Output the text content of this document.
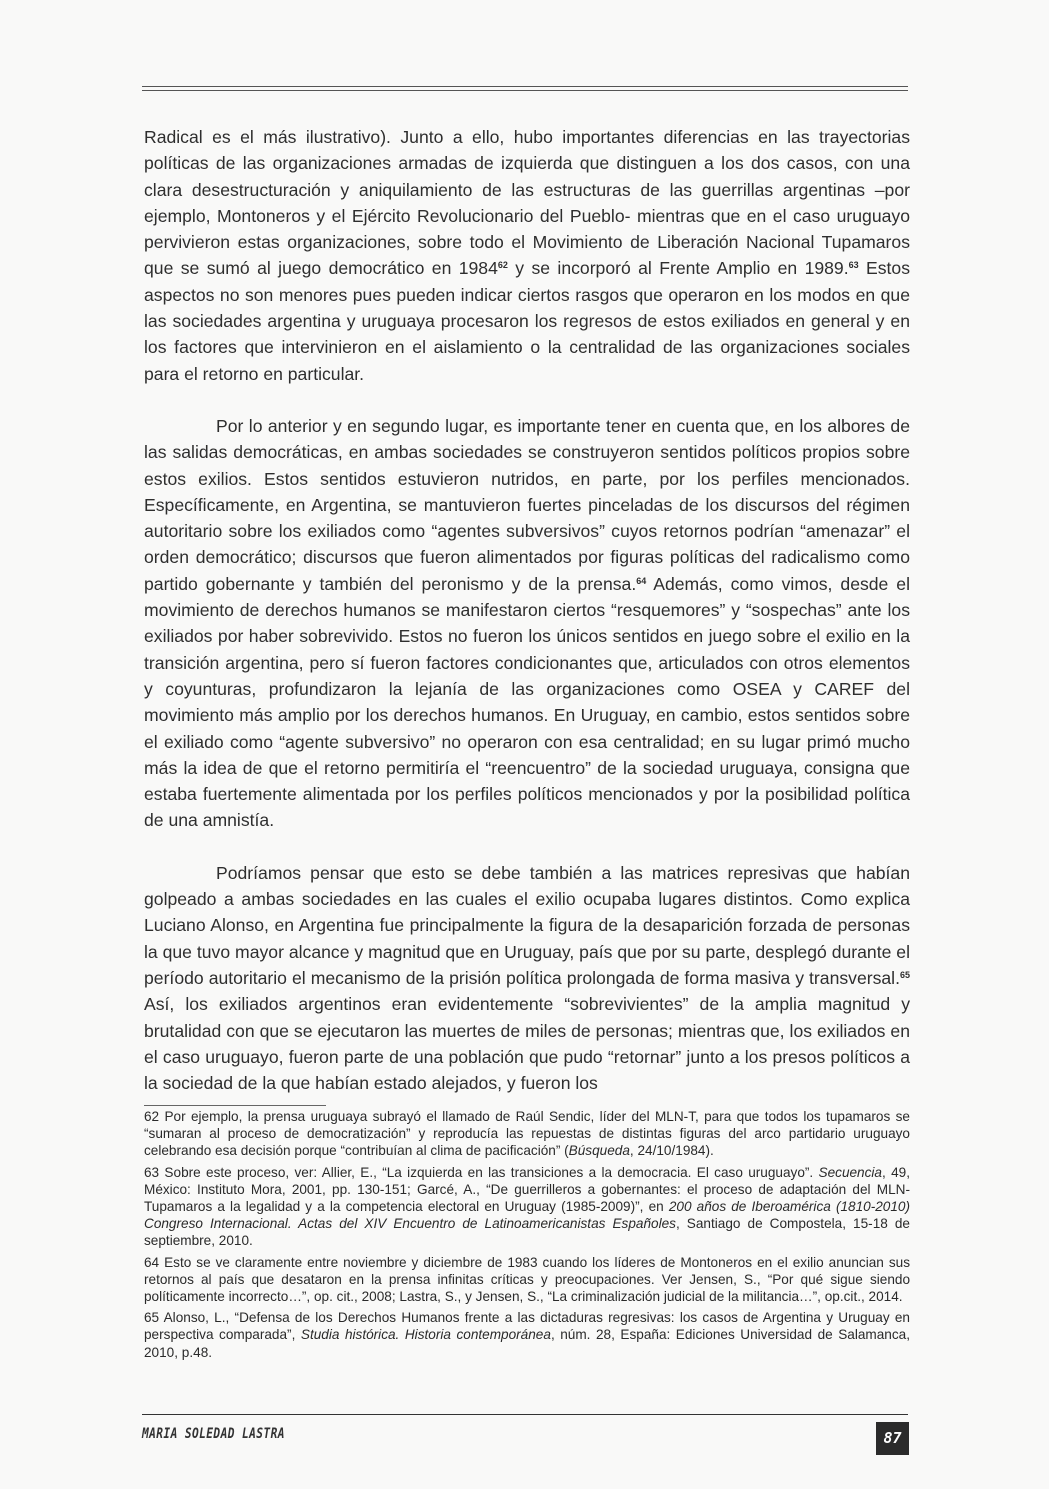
Radical es el más ilustrativo). Junto a ello, hubo importantes diferencias en las trayectorias políticas de las organizaciones armadas de izquierda que distinguen a los dos casos, con una clara desestructuración y aniquilamiento de las estructuras de las guerrillas argentinas –por ejemplo, Montoneros y el Ejército Revolucionario del Pueblo- mientras que en el caso uruguayo pervivieron estas organizaciones, sobre todo el Movimiento de Liberación Nacional Tupamaros que se sumó al juego democrático en 1984$^{62}$ y se incorporó al Frente Amplio en 1989.63 Estos aspectos no son menores pues pueden indicar ciertos rasgos que operaron en los modos en que las sociedades argentina y uruguaya procesaron los regresos de estos exiliados en general y en los factores que intervinieron en el aislamiento o la centralidad de las organizaciones sociales para el retorno en particular.

Por lo anterior y en segundo lugar, es importante tener en cuenta que, en los albores de las salidas democráticas, en ambas sociedades se construyeron sentidos políticos propios sobre estos exilios. Estos sentidos estuvieron nutridos, en parte, por los perfiles mencionados. Específicamente, en Argentina, se mantuvieron fuertes pinceladas de los discursos del régimen autoritario sobre los exiliados como “agentes subversivos” cuyos retornos podrían “amenazar” el orden democrático; discursos que fueron alimentados por figuras políticas del radicalismo como partido gobernante y también del peronismo y de la prensa.$^{64}$ Además, como vimos, desde el movimiento de derechos humanos se manifestaron ciertos “resquemores” y “sospechas” ante los exiliados por haber sobrevivido. Estos no fueron los únicos sentidos en juego sobre el exilio en la transición argentina, pero sí fueron factores condicionantes que, articulados con otros elementos y coyunturas, profundizaron la lejanía de las organizaciones como OSEA y CAREF del movimiento más amplio por los derechos humanos. En Uruguay, en cambio, estos sentidos sobre el exiliado como “agente subversivo” no operaron con esa centralidad; en su lugar primó mucho más la idea de que el retorno permitiría el “reencuentro” de la sociedad uruguaya, consigna que estaba fuertemente alimentada por los perfiles políticos mencionados y por la posibilidad política de una amnistía.

Podríamos pensar que esto se debe también a las matrices represivas que habían golpeado a ambas sociedades en las cuales el exilio ocupaba lugares distintos. Como explica Luciano Alonso, en Argentina fue principalmente la figura de la desaparición forzada de personas la que tuvo mayor alcance y magnitud que en Uruguay, país que por su parte, desplegó durante el período autoritario el mecanismo de la prisión política prolongada de forma masiva y transversal.$^{65}$ Así, los exiliados argentinos eran evidentemente “sobrevivientes” de la amplia magnitud y brutalidad con que se ejecutaron las muertes de miles de personas; mientras que, los exiliados en el caso uruguayo, fueron parte de una población que pudo “retornar” junto a los presos políticos a la sociedad de la que habían estado alejados, y fueron los

62 Por ejemplo, la prensa uruguaya subrayó el llamado de Raúl Sendic, líder del MLN-T, para que todos los tupamaros se “sumaran al proceso de democratización” y reproducía las repuestas de distintas figuras del arco partidario uruguayo celebrando esa decisión porque “contribuían al clima de pacificación” (Búsqueda, 24/10/1984).

63 Sobre este proceso, ver: Allier, E., “La izquierda en las transiciones a la democracia. El caso uruguayo”. Secuencia, 49, México: Instituto Mora, 2001, pp. 130-151; Garcé, A., “De guerrilleros a gobernantes: el proceso de adaptación del MLN- Tupamaros a la legalidad y a la competencia electoral en Uruguay (1985-2009)”, en 200 años de Iberoamérica (1810-2010) Congreso Internacional. Actas del XIV Encuentro de Latinoamericanistas Españoles, Santiago de Compostela, 15-18 de septiembre, 2010.

64 Esto se ve claramente entre noviembre y diciembre de 1983 cuando los líderes de Montoneros en el exilio anuncian sus retornos al país que desataron en la prensa infinitas críticas y preocupaciones. Ver Jensen, S., “Por qué sigue siendo políticamente incorrecto…”, op. cit., 2008; Lastra, S., y Jensen, S., “La criminalización judicial de la militancia…”, op.cit., 2014.

65 Alonso, L., “Defensa de los Derechos Humanos frente a las dictaduras regresivas: los casos de Argentina y Uruguay en perspectiva comparada”, Studia histórica. Historia contemporánea, núm. 28, España: Ediciones Universidad de Salamanca, 2010, p.48.

MARIA SOLEDAD LASTRA	87
